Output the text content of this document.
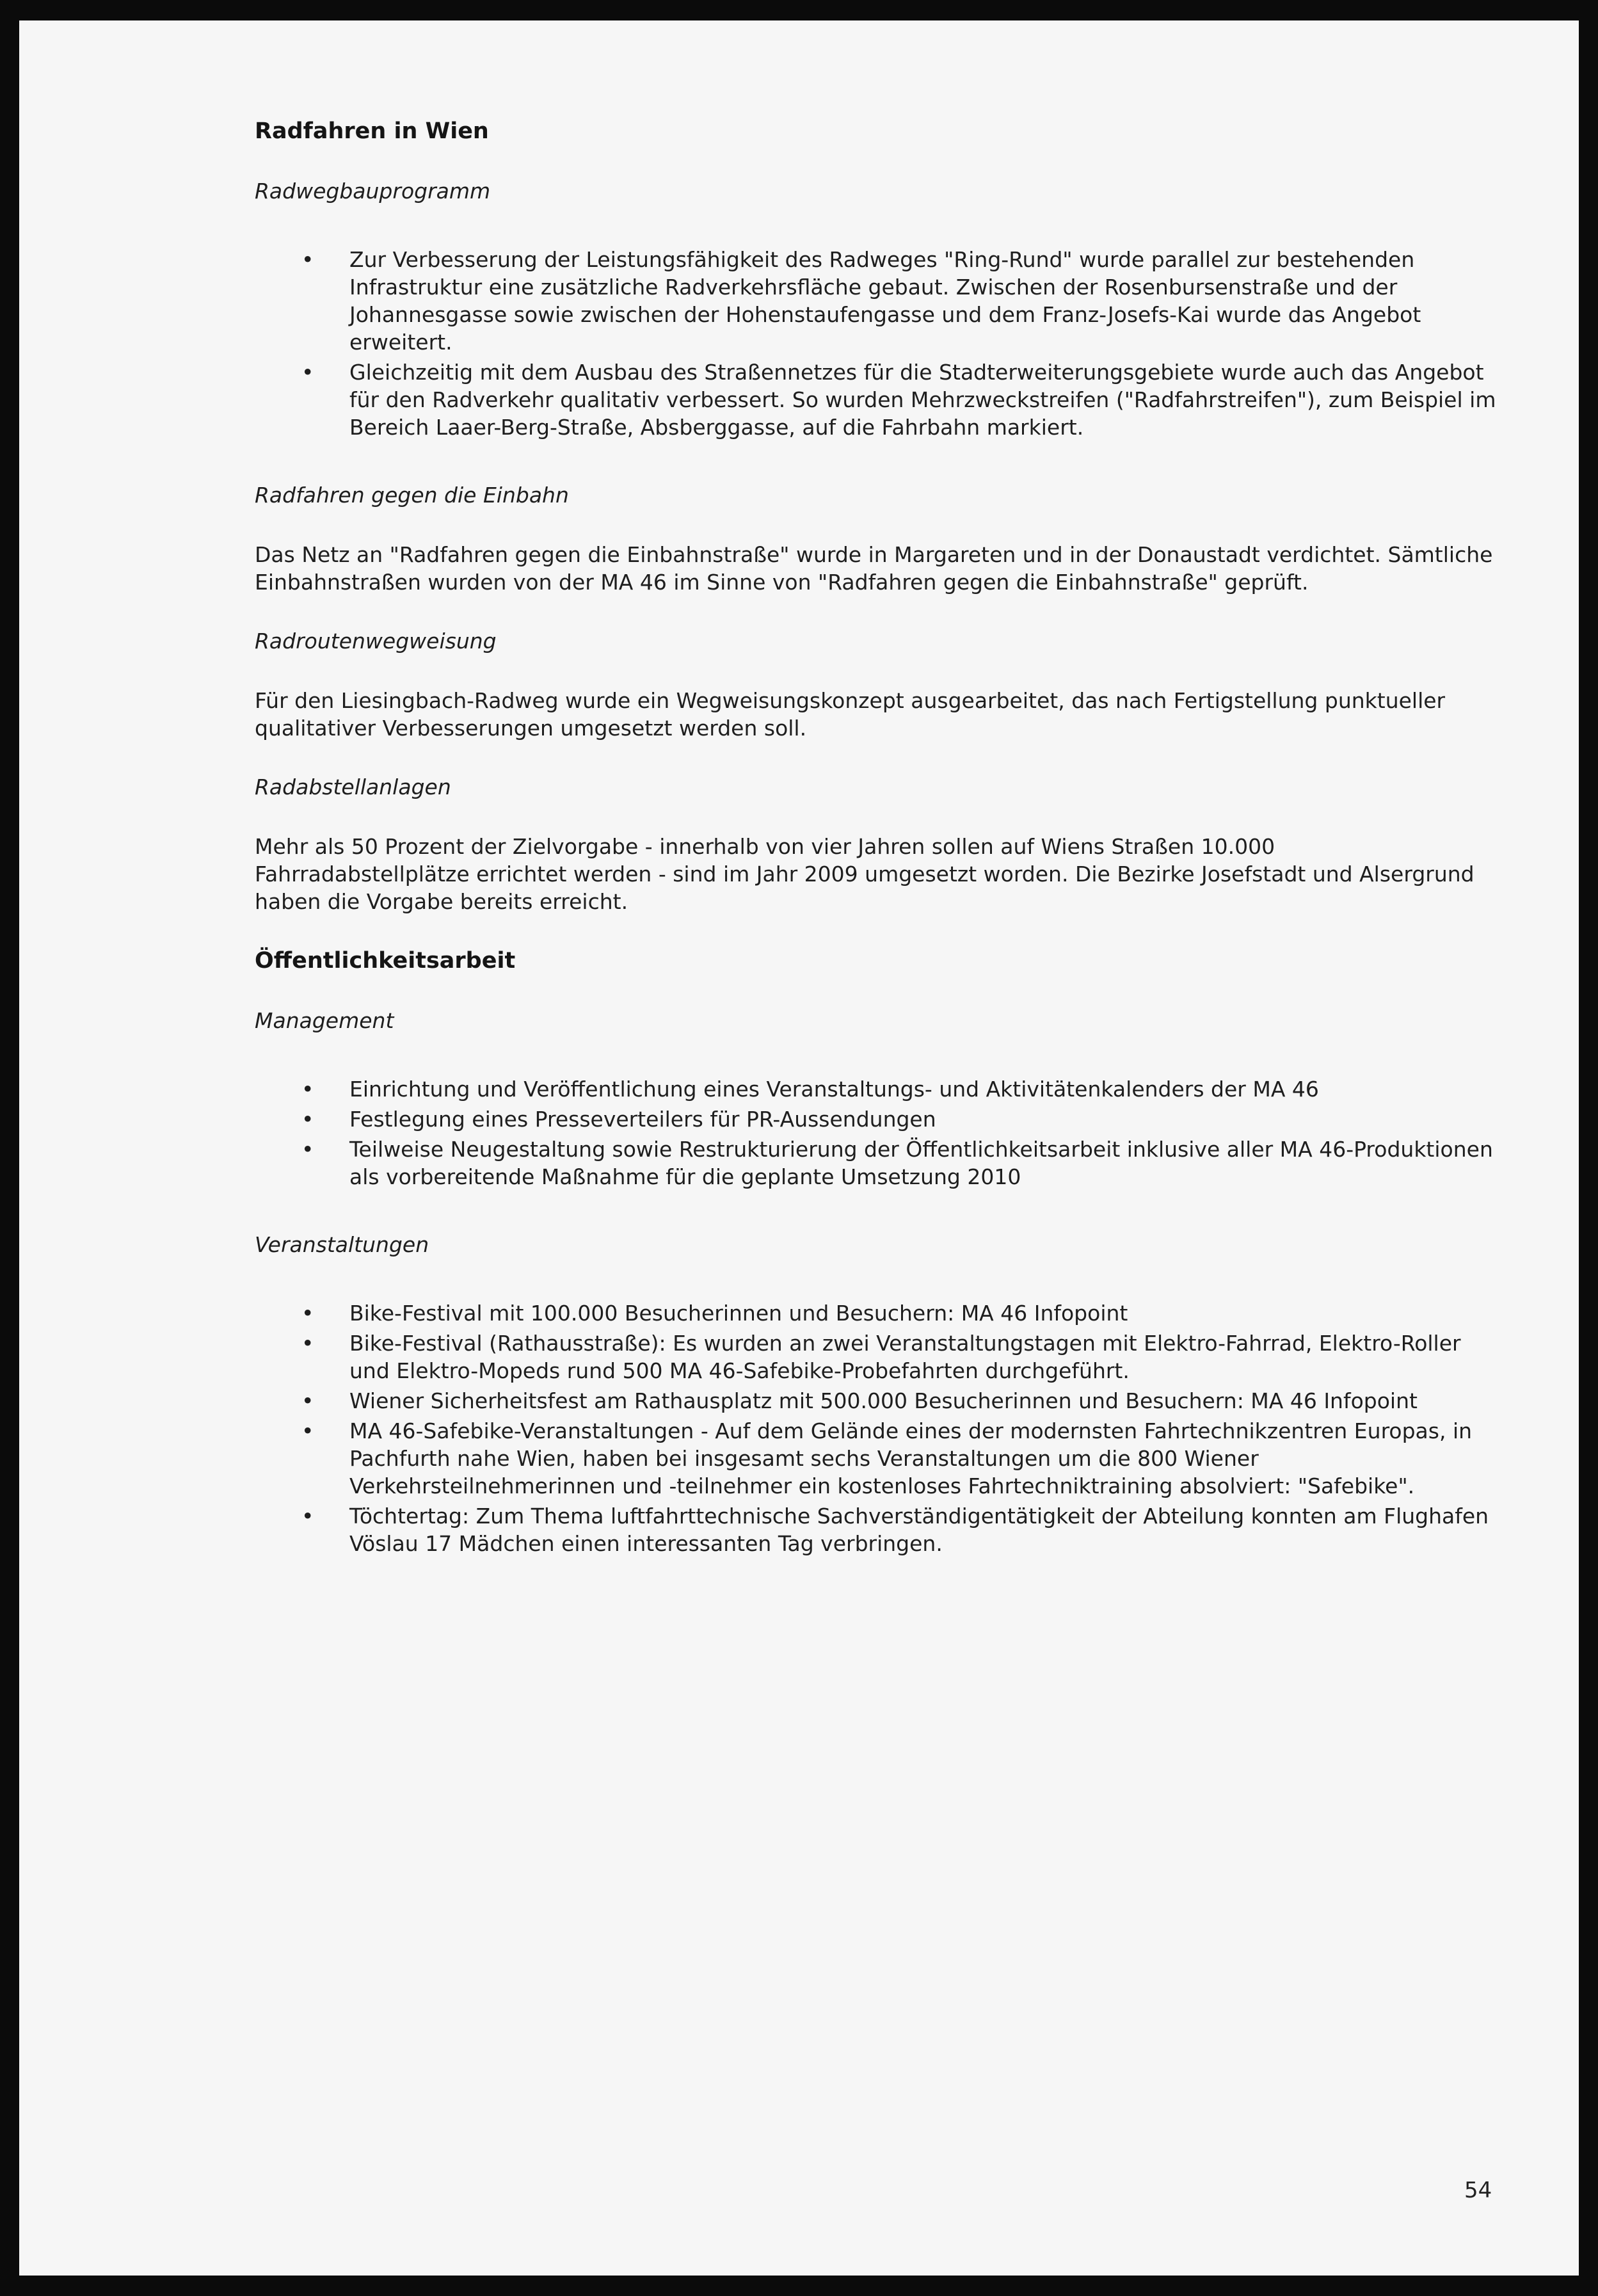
Radfahren in Wien
Radwegbauprogramm
• Zur Verbesserung der Leistungsfähigkeit des Radweges "Ring-Rund" wurde parallel zur bestehenden Infrastruktur eine zusätzliche Radverkehrsfläche gebaut. Zwischen der Rosenbursenstraße und der Johannesgasse sowie zwischen der Hohenstaufengasse und dem Franz-Josefs-Kai wurde das Angebot erweitert.
• Gleichzeitig mit dem Ausbau des Straßennetzes für die Stadterweiterungsgebiete wurde auch das Angebot für den Radverkehr qualitativ verbessert. So wurden Mehrzweckstreifen ("Radfahrstreifen"), zum Beispiel im Bereich Laaer-Berg-Straße, Absberggasse, auf die Fahrbahn markiert.
Radfahren gegen die Einbahn

Das Netz an "Radfahren gegen die Einbahnstraße" wurde in Margareten und in der Donaustadt verdichtet. Sämtliche Einbahnstraßen wurden von der MA 46 im Sinne von "Radfahren gegen die Einbahnstraße" geprüft.

Radroutenwegweisung

Für den Liesingbach-Radweg wurde ein Wegweisungskonzept ausgearbeitet, das nach Fertigstellung punktueller qualitativer Verbesserungen umgesetzt werden soll.

Radabstellanlagen

Mehr als 50 Prozent der Zielvorgabe - innerhalb von vier Jahren sollen auf Wiens Straßen 10.000 Fahrradabstellplätze errichtet werden - sind im Jahr 2009 umgesetzt worden. Die Bezirke Josefstadt und Alsergrund haben die Vorgabe bereits erreicht.

Öffentlichkeitsarbeit
Management
• Einrichtung und Veröffentlichung eines Veranstaltungs- und Aktivitätenkalenders der MA 46
• Festlegung eines Presseverteilers für PR-Aussendungen
• Teilweise Neugestaltung sowie Restrukturierung der Öffentlichkeitsarbeit inklusive aller MA 46-Produktionen als vorbereitende Maßnahme für die geplante Umsetzung 2010
Veranstaltungen
• Bike-Festival mit 100.000 Besucherinnen und Besuchern: MA 46 Infopoint
• Bike-Festival (Rathausstraße): Es wurden an zwei Veranstaltungstagen mit Elektro-Fahrrad, Elektro-Roller und Elektro-Mopeds rund 500 MA 46-Safebike-Probefahrten durchgeführt.
• Wiener Sicherheitsfest am Rathausplatz mit 500.000 Besucherinnen und Besuchern: MA 46 Infopoint
• MA 46-Safebike-Veranstaltungen - Auf dem Gelände eines der modernsten Fahrtechnikzentren Europas, in Pachfurth nahe Wien, haben bei insgesamt sechs Veranstaltungen um die 800 Wiener Verkehrsteilnehmerinnen und -teilnehmer ein kostenloses Fahrtechniktraining absolviert: "Safebike".
• Töchtertag: Zum Thema luftfahrttechnische Sachverständigentätigkeit der Abteilung konnten am Flughafen Vöslau 17 Mädchen einen interessanten Tag verbringen.
54
